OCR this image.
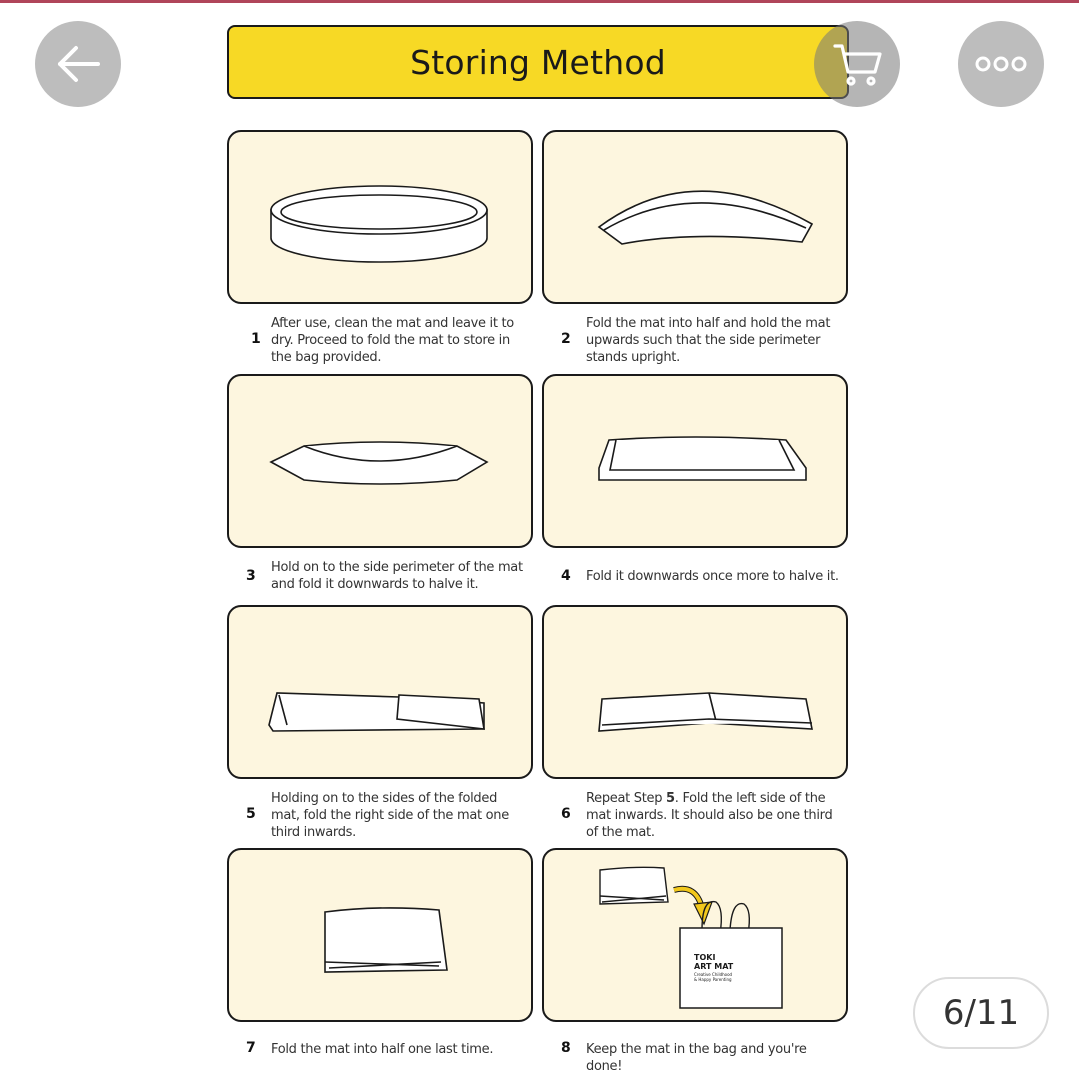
Storing Method
1
After use, clean the mat and leave it to
dry. Proceed to fold the mat to store in
the bag provided.
2
Fold the mat into half and hold the mat
upwards such that the side perimeter
stands upright.
3
Hold on to the side perimeter of the mat
and fold it downwards to halve it.
4 Fold it downwards once more to halve it.
5
Holding on to the sides of the folded
mat, fold the right side of the mat one
third inwards.
6
Repeat Step 5. Fold the left side of the
mat inwards. It should also be one third
of the mat.
TOKI
ART MAT
Creative Childhood
& Happy Parenting
7 Fold the mat into half one last time.	8 Keep the mat in the bag and you're done!
6/11
